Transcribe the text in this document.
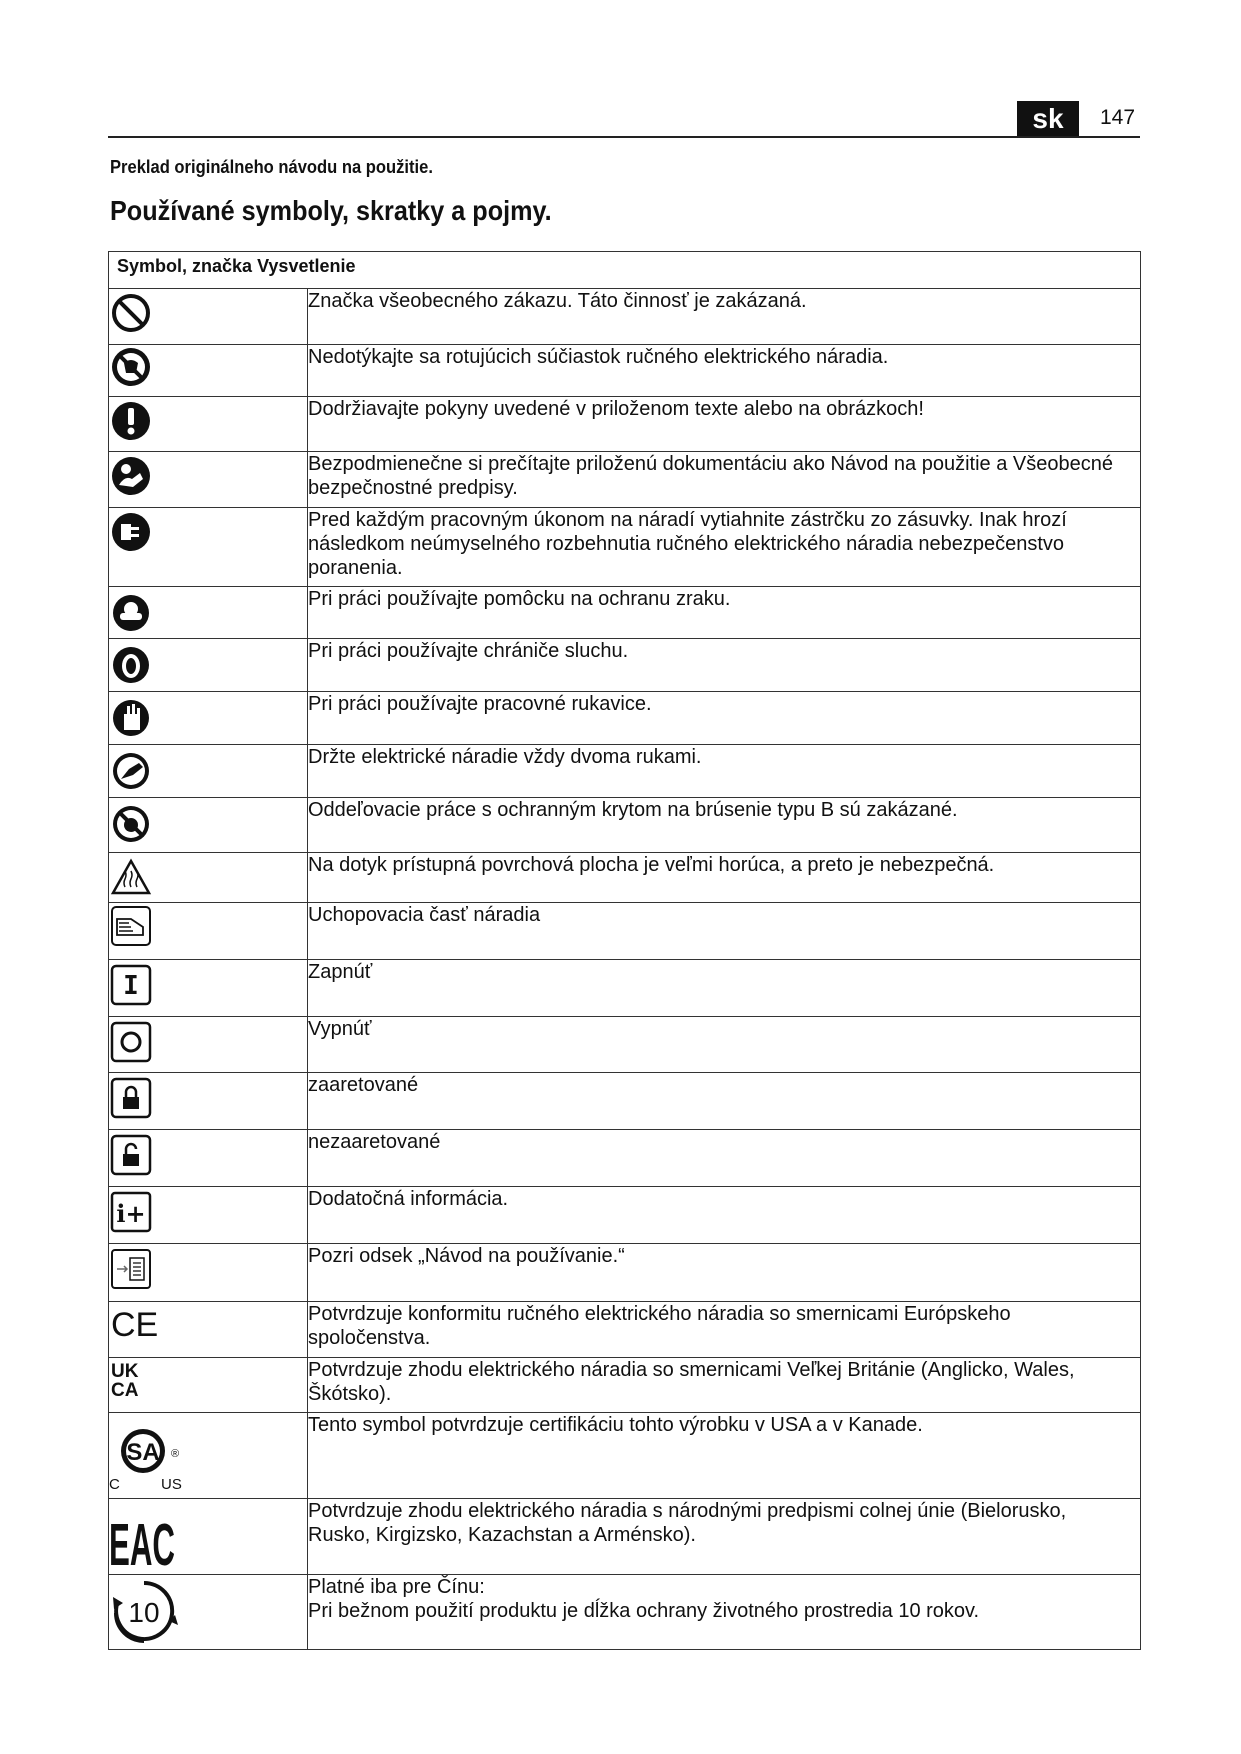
sk	147
Preklad originálneho návodu na použitie.
Používané symboly, skratky a pojmy.
Symbol, značka Vysvetlenie	

Značka všeobecného zákazu. Táto činnosť je zakázaná.

Nedotýkajte sa rotujúcich súčiastok ručného elektrického náradia.

Dodržiavajte pokyny uvedené v priloženom texte alebo na obrázkoch!

Bezpodmienečne si prečítajte priloženú dokumentáciu ako Návod na použitie a Všeobecné
bezpečnostné predpisy.

Pred každým pracovným úkonom na náradí vytiahnite zástrčku zo zásuvky. Inak hrozí
následkom neúmyselného rozbehnutia ručného elektrického náradia nebezpečenstvo
poranenia.

Pri práci používajte pomôcku na ochranu zraku.

Pri práci používajte chrániče sluchu.

Pri práci používajte pracovné rukavice.

Držte elektrické náradie vždy dvoma rukami.

Oddeľovacie práce s ochranným krytom na brúsenie typu B sú zakázané.

Na dotyk prístupná povrchová plocha je veľmi horúca, a preto je nebezpečná.

Uchopovacia časť náradia

I	Zapnúť

Vypnúť

zaaretované

nezaaretované

i+	Dodatočná informácia.

Pozri odsek „Návod na používanie.“

CE	Potvrdzuje konformitu ručného elektrického náradia so smernicami Európskeho
spoločenstva.

UK
CA	Potvrdzuje zhodu elektrického náradia so smernicami Veľkej Británie (Anglicko, Wales,
Škótsko).

SA ®
C US	Tento symbol potvrdzuje certifikáciu tohto výrobku v USA a v Kanade.

EAC	Potvrdzuje zhodu elektrického náradia s národnými predpismi colnej únie (Bielorusko,
Rusko, Kirgizsko, Kazachstan a Arménsko).

10	Platné iba pre Čínu:
Pri bežnom použití produktu je dĺžka ochrany životného prostredia 10 rokov.
